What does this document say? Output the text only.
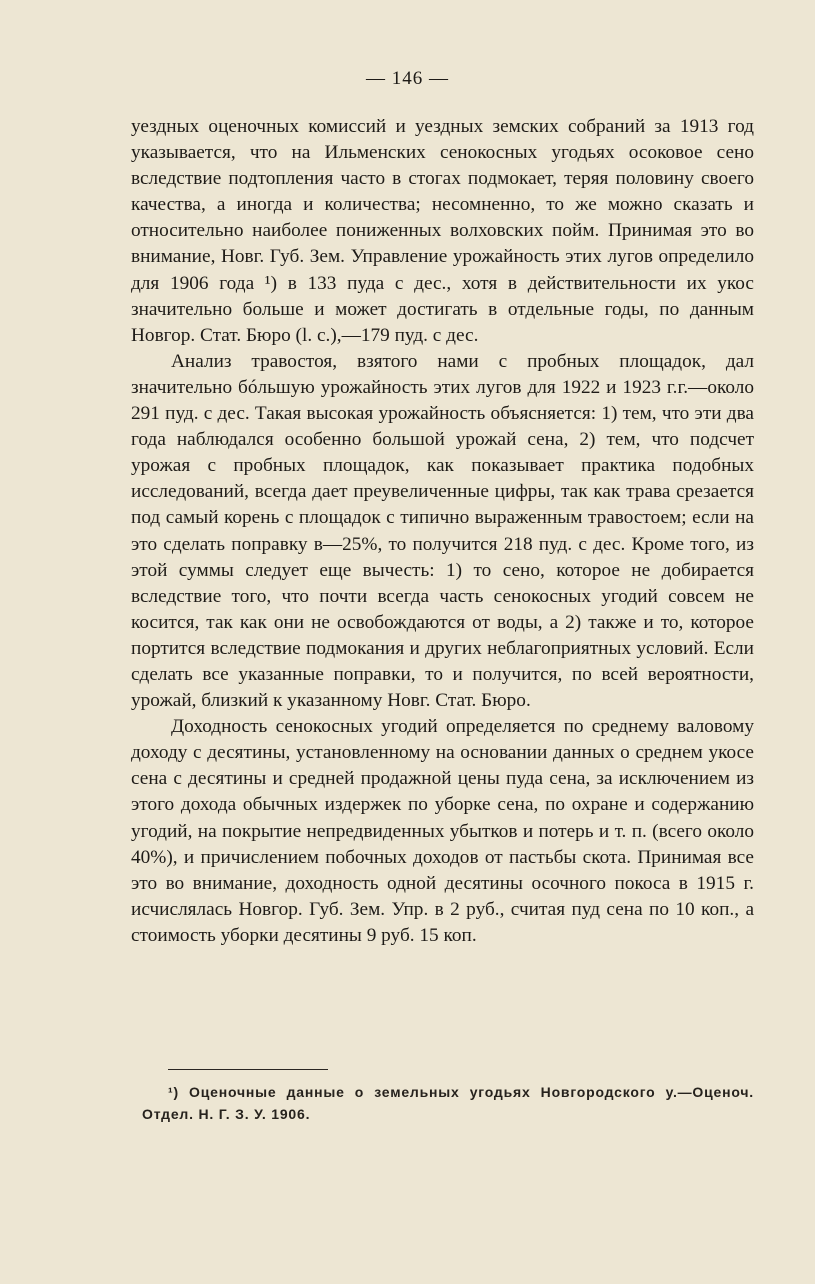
— 146 —

уездных оценочных комиссий и уездных земских собраний за 1913 год указывается, что на Ильменских сенокосных угодьях осоковое сено вследствие подтопления часто в стогах подмокает, теряя половину своего качества, а иногда и количества; несомненно, то же можно сказать и относительно наиболее пониженных волховских пойм. Принимая это во внимание, Новг. Губ. Зем. Управление урожайность этих лугов определило для 1906 года ¹) в 133 пуда с дес., хотя в действительности их укос значительно больше и может достигать в отдельные годы, по данным Новгор. Стат. Бюро (l. с.),—179 пуд. с дес.

Анализ травостоя, взятого нами с пробных площадок, дал значительно бóльшую урожайность этих лугов для 1922 и 1923 г.г.—около 291 пуд. с дес. Такая высокая урожайность объясняется: 1) тем, что эти два года наблюдался особенно большой урожай сена, 2) тем, что подсчет урожая с пробных площадок, как показывает практика подобных исследований, всегда дает преувеличенные цифры, так как трава срезается под самый корень с площадок с типично выраженным травостоем; если на это сделать поправку в—25%, то получится 218 пуд. с дес. Кроме того, из этой суммы следует еще вычесть: 1) то сено, которое не добирается вследствие того, что почти всегда часть сенокосных угодий совсем не косится, так как они не освобождаются от воды, а 2) также и то, которое портится вследствие подмокания и других неблагоприятных условий. Если сделать все указанные поправки, то и получится, по всей вероятности, урожай, близкий к указанному Новг. Стат. Бюро.

Доходность сенокосных угодий определяется по среднему валовому доходу с десятины, установленному на основании данных о среднем укосе сена с десятины и средней продажной цены пуда сена, за исключением из этого дохода обычных издержек по уборке сена, по охране и содержанию угодий, на покрытие непредвиденных убытков и потерь и т. п. (всего около 40%), и причислением побочных доходов от пастьбы скота. Принимая все это во внимание, доходность одной десятины осочного покоса в 1915 г. исчислялась Новгор. Губ. Зем. Упр. в 2 руб., считая пуд сена по 10 коп., а стоимость уборки десятины 9 руб. 15 коп.

¹) Оценочные данные о земельных угодьях Новгородского у.—Оценоч. Отдел. Н. Г. З. У. 1906.
